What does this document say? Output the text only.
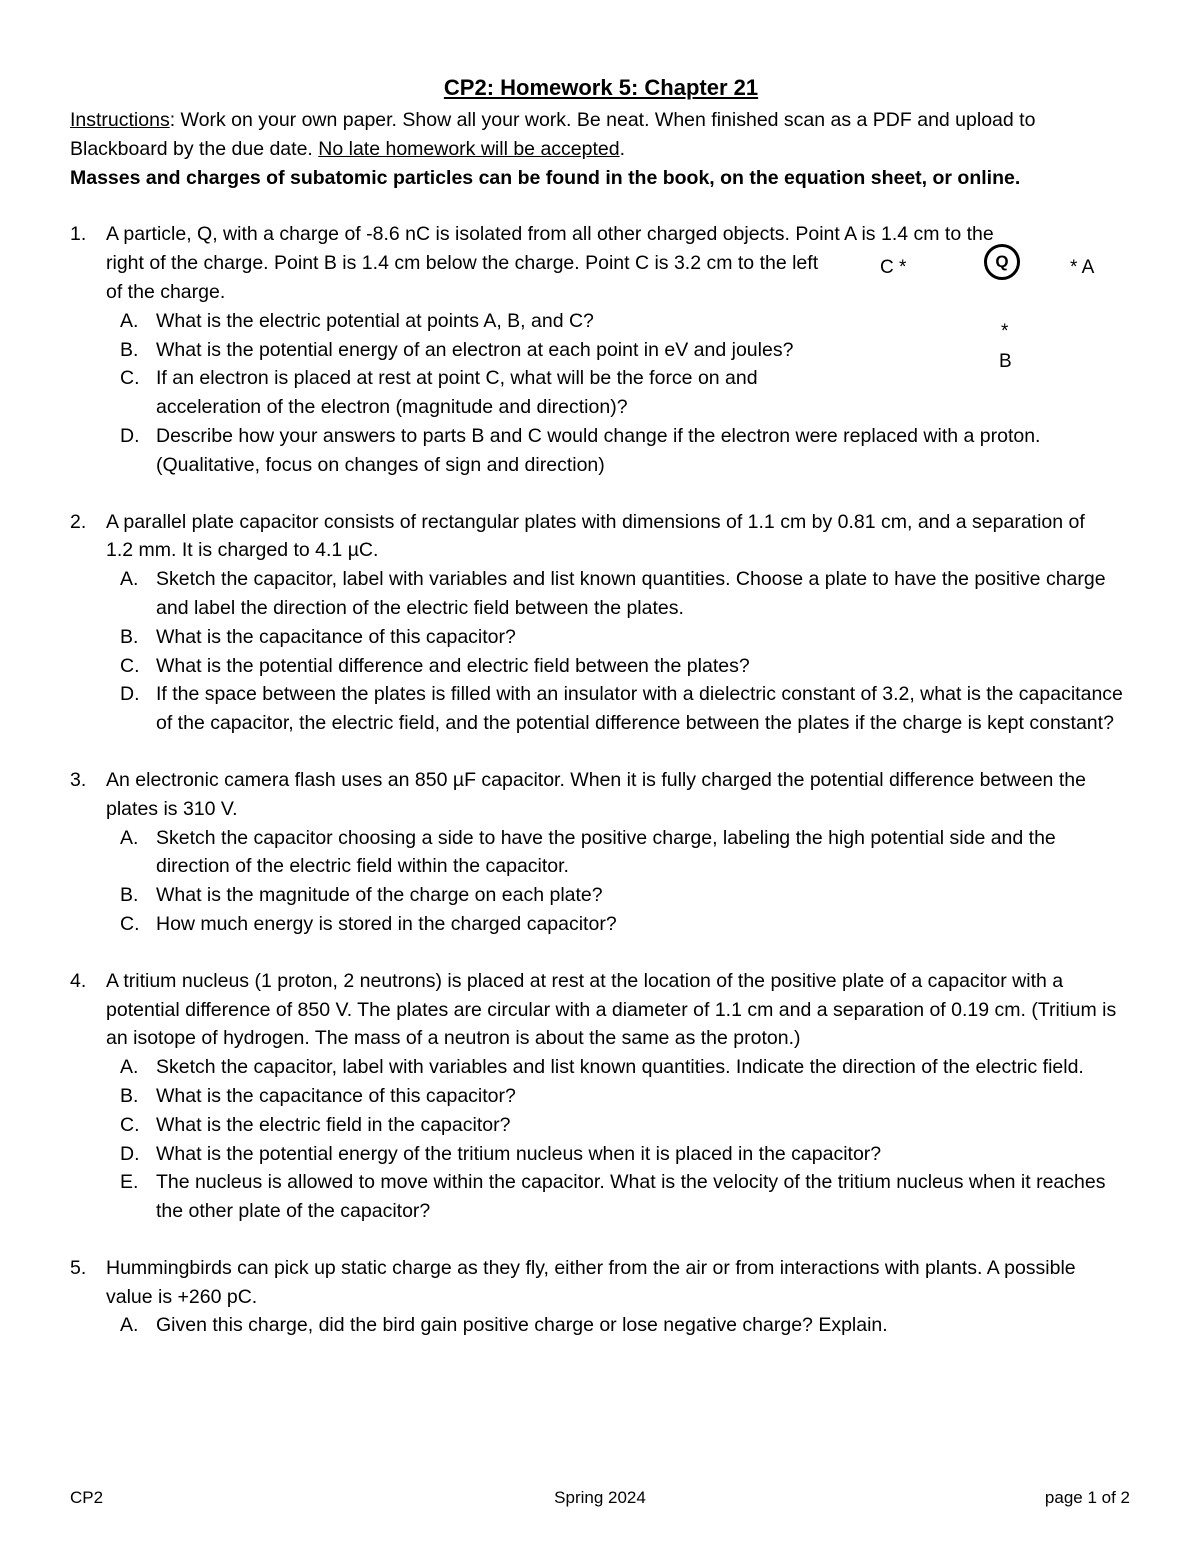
CP2: Homework 5: Chapter 21
Instructions: Work on your own paper. Show all your work. Be neat. When finished scan as a PDF and upload to Blackboard by the due date. No late homework will be accepted.
Masses and charges of subatomic particles can be found in the book, on the equation sheet, or online.
1.	A particle, Q, with a charge of -8.6 nC is isolated from all other charged objects. Point A is 1.4 cm to the
right of the charge. Point B is 1.4 cm below the charge. Point C is 3.2 cm to the left of the charge.
A. What is the electric potential at points A, B, and C?
B. What is the potential energy of an electron at each point in eV and joules?
C. If an electron is placed at rest at point C, what will be the force on and acceleration of the electron (magnitude and direction)?
D. Describe how your answers to parts B and C would change if the electron were replaced with a proton. (Qualitative, focus on changes of sign and direction)
C *	Q	* A
*
B
2.	A parallel plate capacitor consists of rectangular plates with dimensions of 1.1 cm by 0.81 cm, and a separation of 1.2 mm. It is charged to 4.1 µC.
A. Sketch the capacitor, label with variables and list known quantities. Choose a plate to have the positive charge and label the direction of the electric field between the plates.
B. What is the capacitance of this capacitor?
C. What is the potential difference and electric field between the plates?
D. If the space between the plates is filled with an insulator with a dielectric constant of 3.2, what is the capacitance of the capacitor, the electric field, and the potential difference between the plates if the charge is kept constant?
3.	An electronic camera flash uses an 850 µF capacitor. When it is fully charged the potential difference between the plates is 310 V.
A. Sketch the capacitor choosing a side to have the positive charge, labeling the high potential side and the direction of the electric field within the capacitor.
B. What is the magnitude of the charge on each plate?
C. How much energy is stored in the charged capacitor?
4.	A tritium nucleus (1 proton, 2 neutrons) is placed at rest at the location of the positive plate of a capacitor with a potential difference of 850 V. The plates are circular with a diameter of 1.1 cm and a separation of 0.19 cm. (Tritium is an isotope of hydrogen. The mass of a neutron is about the same as the proton.)
A. Sketch the capacitor, label with variables and list known quantities. Indicate the direction of the electric field.
B. What is the capacitance of this capacitor?
C. What is the electric field in the capacitor?
D. What is the potential energy of the tritium nucleus when it is placed in the capacitor?
E. The nucleus is allowed to move within the capacitor. What is the velocity of the tritium nucleus when it reaches the other plate of the capacitor?
5.	Hummingbirds can pick up static charge as they fly, either from the air or from interactions with plants. A possible value is +260 pC.
A. Given this charge, did the bird gain positive charge or lose negative charge? Explain.
CP2	Spring 2024	page 1 of 2
